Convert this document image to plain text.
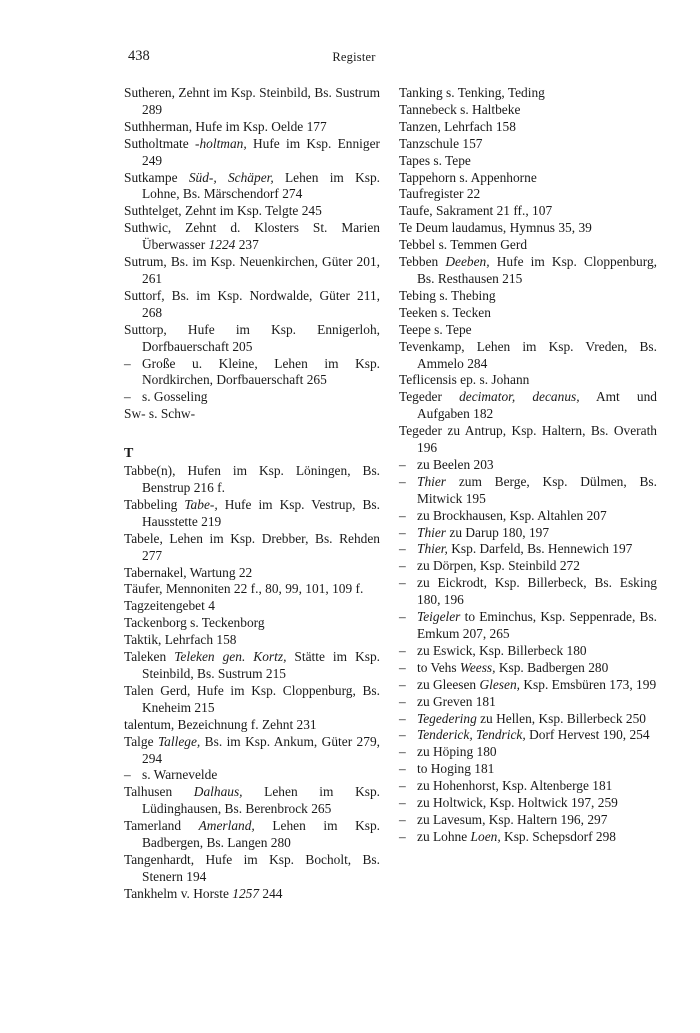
438	Register

Sutheren, Zehnt im Ksp. Steinbild, Bs. Sustrum 289

Suthherman, Hufe im Ksp. Oelde 177

Sutholtmate -holtman, Hufe im Ksp. Enniger 249

Sutkampe Süd-, Schäper, Lehen im Ksp. Lohne, Bs. Märschendorf 274

Suthtelget, Zehnt im Ksp. Telgte 245

Suthwic, Zehnt d. Klosters St. Marien Überwasser 1224 237

Sutrum, Bs. im Ksp. Neuenkirchen, Güter 201, 261

Suttorf, Bs. im Ksp. Nordwalde, Güter 211, 268

Suttorp, Hufe im Ksp. Ennigerloh, Dorfbauerschaft 205

– Große u. Kleine, Lehen im Ksp. Nordkirchen, Dorfbauerschaft 265

– s. Gosseling

Sw- s. Schw-

T

Tabbe(n), Hufen im Ksp. Löningen, Bs. Benstrup 216 f.

Tabbeling Tabe-, Hufe im Ksp. Vestrup, Bs. Hausstette 219

Tabele, Lehen im Ksp. Drebber, Bs. Rehden 277

Tabernakel, Wartung 22

Täufer, Mennoniten 22 f., 80, 99, 101, 109 f.

Tagzeitengebet 4

Tackenborg s. Teckenborg

Taktik, Lehrfach 158

Taleken Teleken gen. Kortz, Stätte im Ksp. Steinbild, Bs. Sustrum 215

Talen Gerd, Hufe im Ksp. Cloppenburg, Bs. Kneheim 215

talentum, Bezeichnung f. Zehnt 231

Talge Tallege, Bs. im Ksp. Ankum, Güter 279, 294

– s. Warnevelde

Talhusen Dalhaus, Lehen im Ksp. Lüdinghausen, Bs. Berenbrock 265

Tamerland Amerland, Lehen im Ksp. Badbergen, Bs. Langen 280

Tangenhardt, Hufe im Ksp. Bocholt, Bs. Stenern 194

Tankhelm v. Horste 1257 244

Tanking s. Tenking, Teding

Tannebeck s. Haltbeke

Tanzen, Lehrfach 158

Tanzschule 157

Tapes s. Tepe

Tappehorn s. Appenhorne

Taufregister 22

Taufe, Sakrament 21 ff., 107

Te Deum laudamus, Hymnus 35, 39

Tebbel s. Temmen Gerd

Tebben Deeben, Hufe im Ksp. Cloppenburg, Bs. Resthausen 215

Tebing s. Thebing

Teeken s. Tecken

Teepe s. Tepe

Tevenkamp, Lehen im Ksp. Vreden, Bs. Ammelo 284

Teflicensis ep. s. Johann

Tegeder decimator, decanus, Amt und Aufgaben 182

Tegeder zu Antrup, Ksp. Haltern, Bs. Overath 196

– zu Beelen 203

– Thier zum Berge, Ksp. Dülmen, Bs. Mitwick 195

– zu Brockhausen, Ksp. Altahlen 207

– Thier zu Darup 180, 197

– Thier, Ksp. Darfeld, Bs. Hennewich 197

– zu Dörpen, Ksp. Steinbild 272

– zu Eickrodt, Ksp. Billerbeck, Bs. Esking 180, 196

– Teigeler to Eminchus, Ksp. Seppenrade, Bs. Emkum 207, 265

– zu Eswick, Ksp. Billerbeck 180

– to Vehs Weess, Ksp. Badbergen 280

– zu Gleesen Glesen, Ksp. Emsbüren 173, 199

– zu Greven 181

– Tegedering zu Hellen, Ksp. Billerbeck 250

– Tenderick, Tendrick, Dorf Hervest 190, 254

– zu Höping 180

– to Hoging 181

– zu Hohenhorst, Ksp. Altenberge 181

– zu Holtwick, Ksp. Holtwick 197, 259

– zu Lavesum, Ksp. Haltern 196, 297

– zu Lohne Loen, Ksp. Schepsdorf 298
